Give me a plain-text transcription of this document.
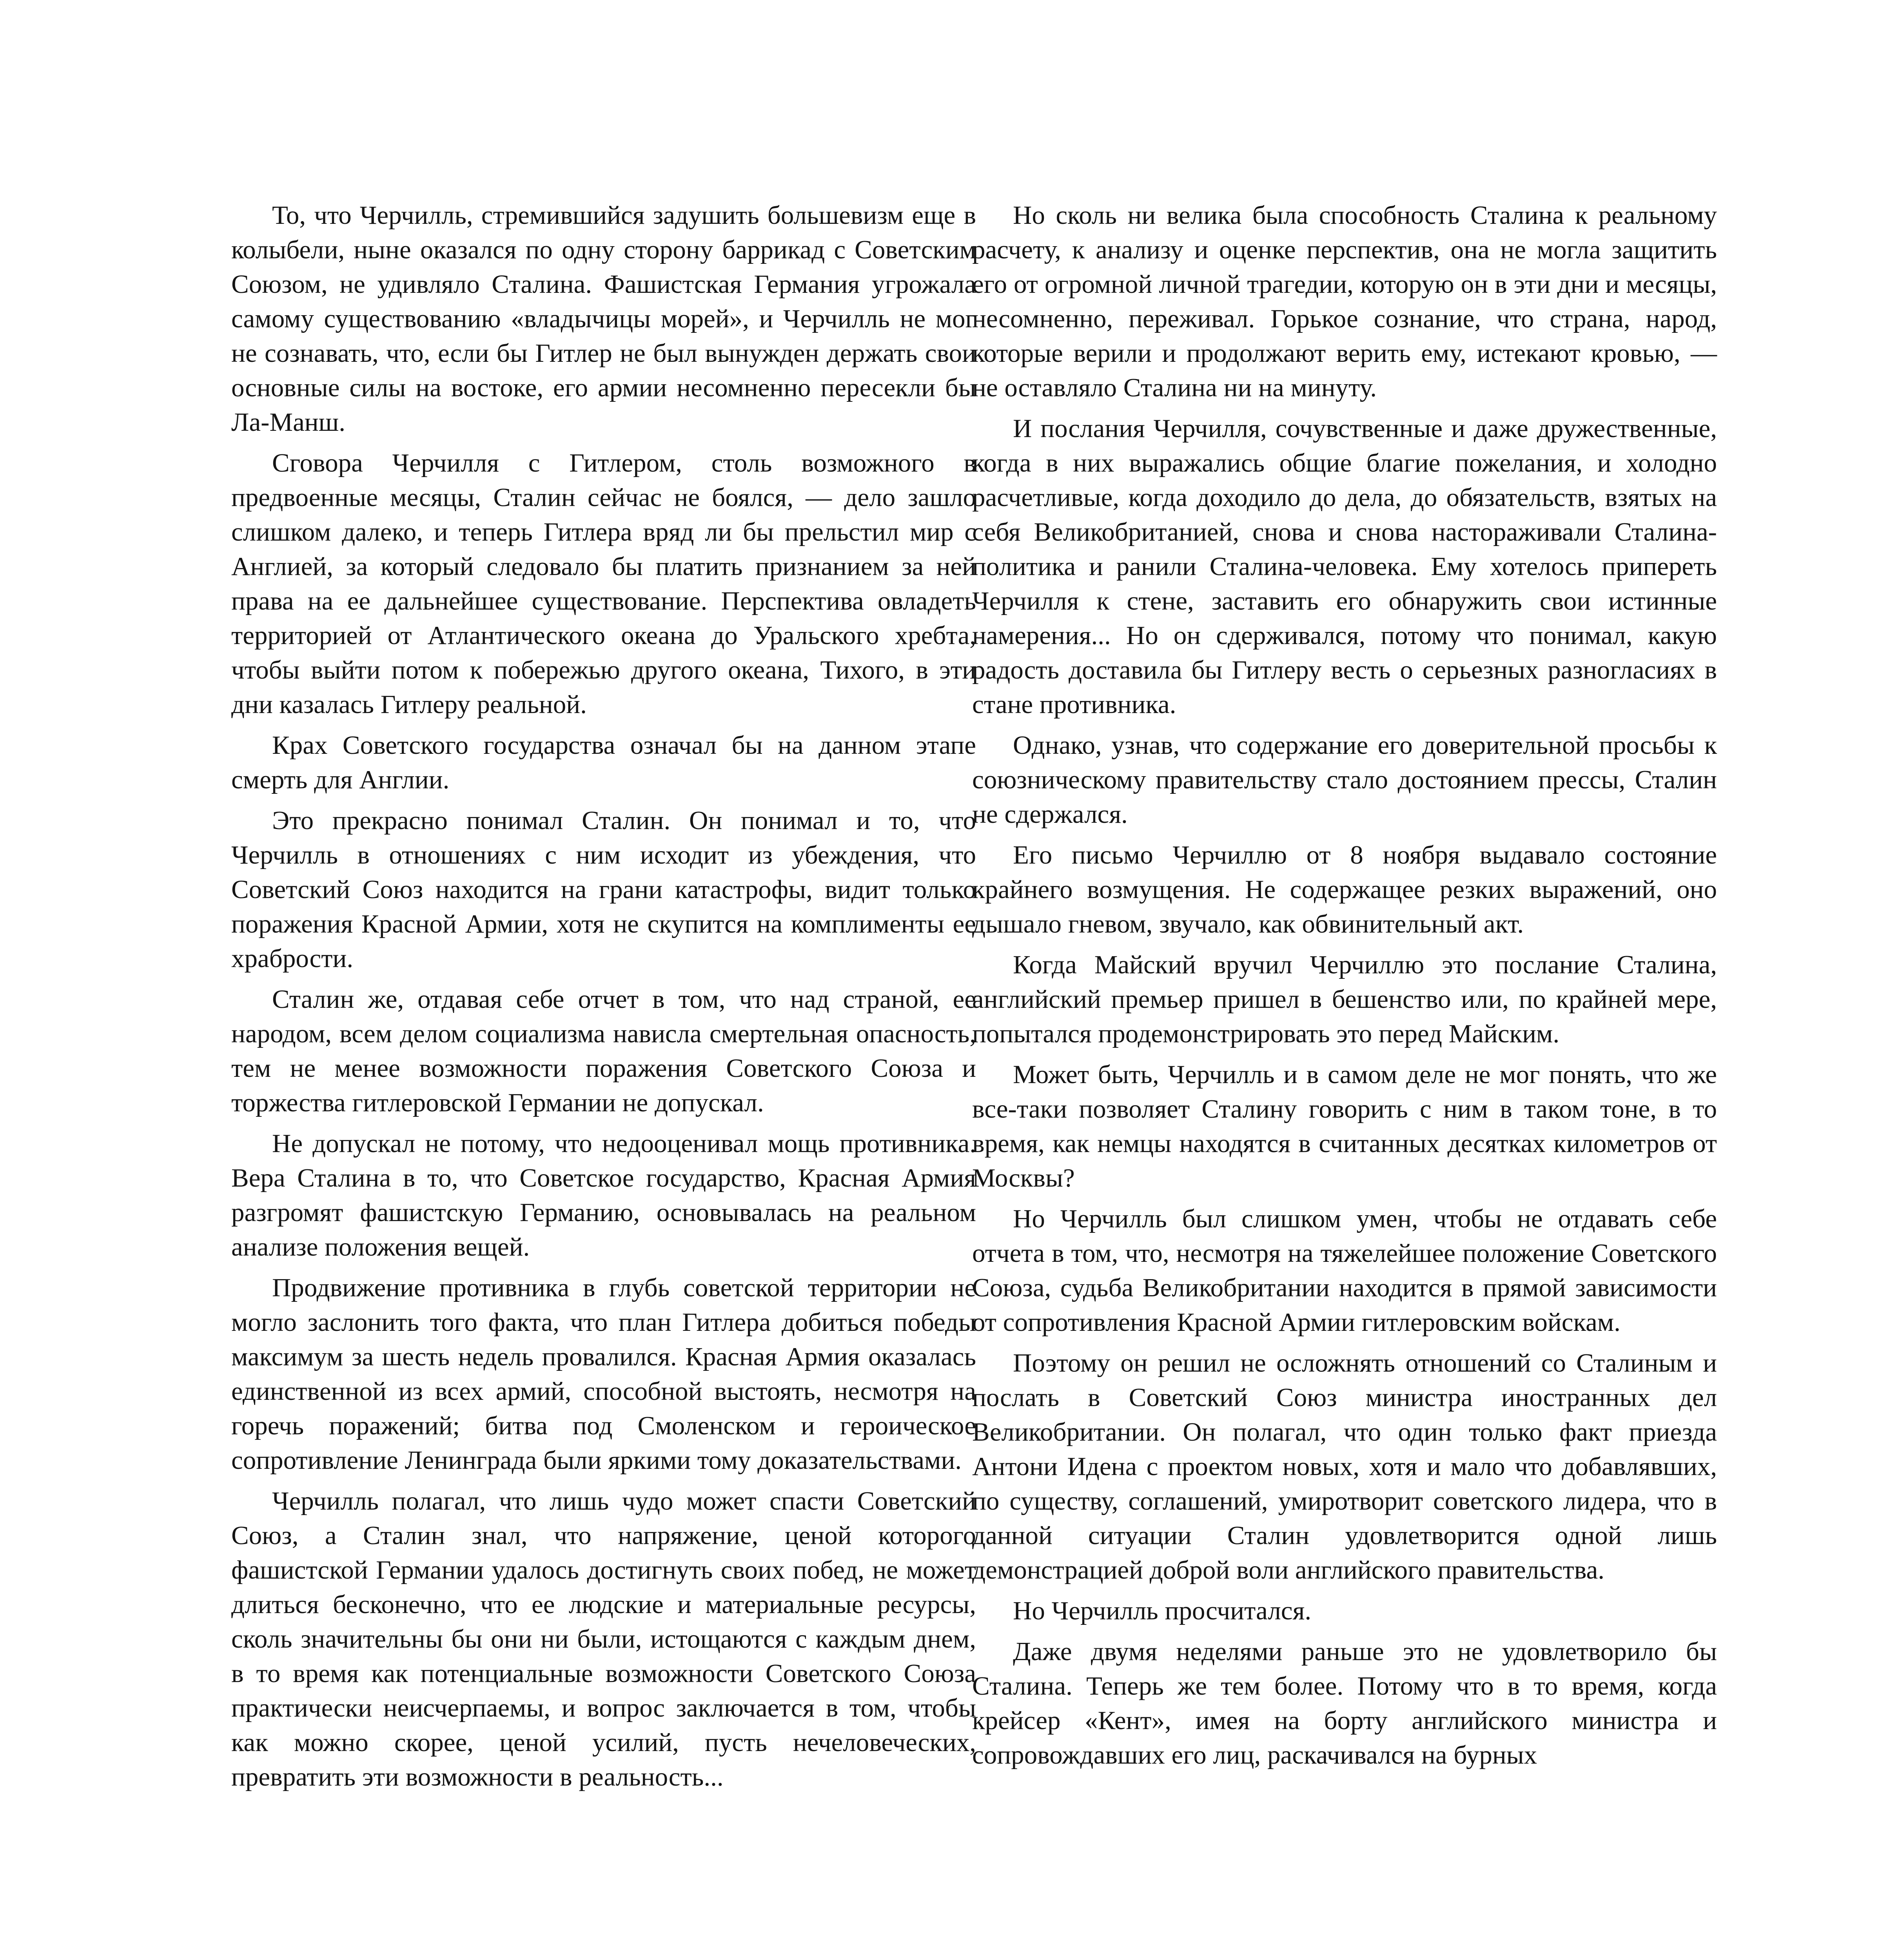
То, что Черчилль, стремившийся задушить большевизм еще в колыбели, ныне оказался по одну сторону баррикад с Советским Союзом, не удивляло Сталина. Фашистская Германия угрожала самому существованию «владычицы морей», и Черчилль не мог не сознавать, что, если бы Гитлер не был вынужден держать свои основные силы на востоке, его армии несомненно пересекли бы Ла-Манш.

Сговора Черчилля с Гитлером, столь возможного в предвоенные месяцы, Сталин сейчас не боялся, — дело зашло слишком далеко, и теперь Гитлера вряд ли бы прельстил мир с Англией, за который следовало бы платить признанием за ней права на ее дальнейшее существование. Перспектива овладеть территорией от Атлантического океана до Уральского хребта, чтобы выйти потом к побережью другого океана, Тихого, в эти дни казалась Гитлеру реальной.

Крах Советского государства означал бы на данном этапе смерть для Англии.

Это прекрасно понимал Сталин. Он понимал и то, что Черчилль в отношениях с ним исходит из убеждения, что Советский Союз находится на грани катастрофы, видит только поражения Красной Армии, хотя не скупится на комплименты ее храбрости.

Сталин же, отдавая себе отчет в том, что над страной, ее народом, всем делом социализма нависла смертельная опасность, тем не менее возможности поражения Советского Союза и торжества гитлеровской Германии не допускал.

Не допускал не потому, что недооценивал мощь противника. Вера Сталина в то, что Советское государство, Красная Армия разгромят фашистскую Германию, основывалась на реальном анализе положения вещей.

Продвижение противника в глубь советской территории не могло заслонить того факта, что план Гитлера добиться победы максимум за шесть недель провалился. Красная Армия оказалась единственной из всех армий, способной выстоять, несмотря на горечь поражений; битва под Смоленском и героическое сопротивление Ленинграда были яркими тому доказательствами.

Черчилль полагал, что лишь чудо может спасти Советский Союз, а Сталин знал, что напряжение, ценой которого фашистской Германии удалось достигнуть своих побед, не может длиться бесконечно, что ее людские и материальные ресурсы, сколь значительны бы они ни были, истощаются с каждым днем, в то время как потенциальные возможности Советского Союза практически неисчерпаемы, и вопрос заключается в том, чтобы как можно скорее, ценой усилий, пусть нечеловеческих, превратить эти возможности в реальность...

Но сколь ни велика была способность Сталина к реальному расчету, к анализу и оценке перспектив, она не могла защитить его от огромной личной трагедии, которую он в эти дни и месяцы, несомненно, переживал. Горькое сознание, что страна, народ, которые верили и продолжают верить ему, истекают кровью, — не оставляло Сталина ни на минуту.

И послания Черчилля, сочувственные и даже дружественные, когда в них выражались общие благие пожелания, и холодно расчетливые, когда доходило до дела, до обязательств, взятых на себя Великобританией, снова и снова настораживали Сталина-политика и ранили Сталина-человека. Ему хотелось припереть Черчилля к стене, заставить его обнаружить свои истинные намерения... Но он сдерживался, потому что понимал, какую радость доставила бы Гитлеру весть о серьезных разногласиях в стане противника.

Однако, узнав, что содержание его доверительной просьбы к союзническому правительству стало достоянием прессы, Сталин не сдержался.

Его письмо Черчиллю от 8 ноября выдавало состояние крайнего возмущения. Не содержащее резких выражений, оно дышало гневом, звучало, как обвинительный акт.

Когда Майский вручил Черчиллю это послание Сталина, английский премьер пришел в бешенство или, по крайней мере, попытался продемонстрировать это перед Майским.

Может быть, Черчилль и в самом деле не мог понять, что же все-таки позволяет Сталину говорить с ним в таком тоне, в то время, как немцы находятся в считанных десятках километров от Москвы?

Но Черчилль был слишком умен, чтобы не отдавать себе отчета в том, что, несмотря на тяжелейшее положение Советского Союза, судьба Великобритании находится в прямой зависимости от сопротивления Красной Армии гитлеровским войскам.

Поэтому он решил не осложнять отношений со Сталиным и послать в Советский Союз министра иностранных дел Великобритании. Он полагал, что один только факт приезда Антони Идена с проектом новых, хотя и мало что добавлявших, по существу, соглашений, умиротворит советского лидера, что в данной ситуации Сталин удовлетворится одной лишь демонстрацией доброй воли английского правительства.

Но Черчилль просчитался.

Даже двумя неделями раньше это не удовлетворило бы Сталина. Теперь же тем более. Потому что в то время, когда крейсер «Кент», имея на борту английского министра и сопровождавших его лиц, раскачивался на бурных
